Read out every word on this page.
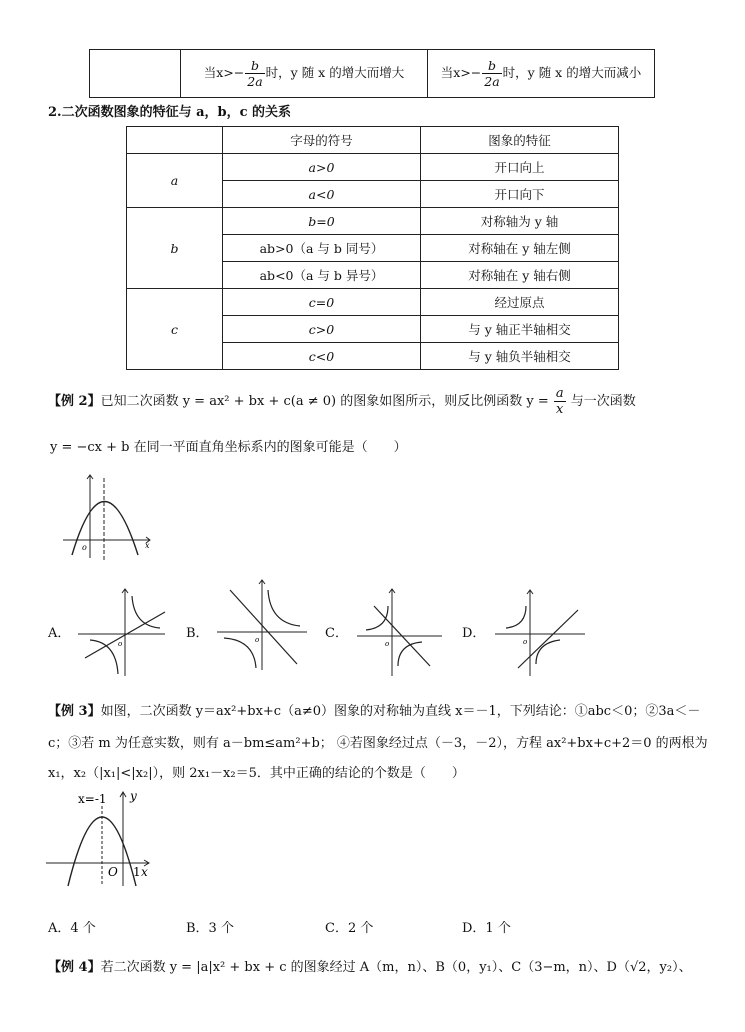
	当$x>- \frac{b}{2a}$ 时，y 随 x 的增大而增大	当$x>- \frac{b}{2a}$ 时，y 随 x 的增大而减小
2.二次函数图象的特征与 a，b，c 的关系
	字母的符号	图象的特征
a	a>0	开口向上
	a<0	开口向下
b	b=0	对称轴为 y 轴
	ab>0（a 与 b 同号）	对称轴在 y 轴左侧
	ab<0（a 与 b 异号）	对称轴在 y 轴右侧
c	c=0	经过原点
	c>0	与 y 轴正半轴相交
	c<0	与 y 轴负半轴相交
【例 2】已知二次函数 y = ax² + bx + c(a ≠ 0) 的图象如图所示，则反比例函数 $y = \frac{a}{x}$ 与一次函数
y = −cx + b 在同一平面直角坐标系内的图象可能是（　　）
o	x
A．
o
B．	o	C．
o
D．
o
【例 3】如图，二次函数 y＝ax²+bx+c（a≠0）图象的对称轴为直线 x＝－1，下列结论：①abc＜0；②3a＜－
c；③若 m 为任意实数，则有 a－bm≤am²+b； ④若图象经过点（－3，－2），方程 ax²+bx+c+2＝0 的两根为
x₁，x₂（|x₁|<|x₂|），则 2x₁－x₂＝5．其中正确的结论的个数是（　　）
x=-1 y
O 1 x
A．4 个	B．3 个	C．2 个	D．1 个
【例 4】若二次函数 y = |a|x² + bx + c 的图象经过 A（m，n）、B（0，y₁）、C（3−m，n）、D（√2，y₂）、
